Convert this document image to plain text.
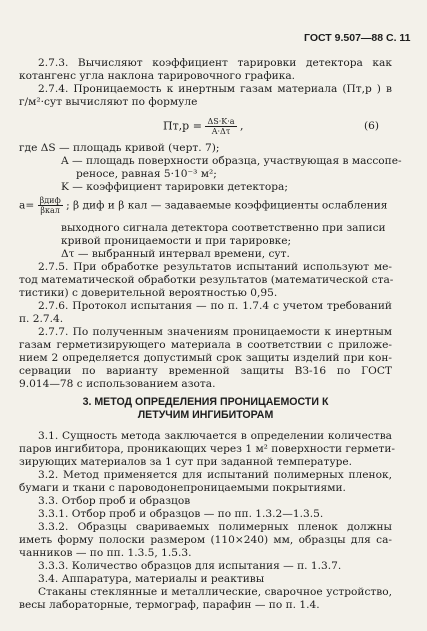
ГОСТ 9.507—88 С. 11
2.7.3. Вычисляют коэффициент тарировки детектора как
котангенс угла наклона тарировочного графика.
2.7.4. Проницаемость к инертным газам материала (Пт,р ) в
г/м²·сут вычисляют по формуле
$Пт,р = \frac{\Delta S\cdot K\cdot a}{A\cdot\Delta\tau}$ ,	(6)
где ΔS — площадь кривой (черт. 7);
A — площадь поверхности образца, участвующая в массопе-
реносе, равная 5·10⁻³ м²;
K — коэффициент тарировки детектора;
$a= \frac{\text{βдиф}}{\text{βкал}}$ ; β диф и β кал — задаваемые коэффициенты ослабления
выходного сигнала детектора соответственно при записи
кривой проницаемости и при тарировке;
Δτ — выбранный интервал времени, сут.
2.7.5. При обработке результатов испытаний используют ме-
тод математической обработки результатов (математической ста-
тистики) с доверительной вероятностью 0,95.
2.7.6. Протокол испытания — по п. 1.7.4 с учетом требований
п. 2.7.4.
2.7.7. По полученным значениям проницаемости к инертным
газам герметизирующего материала в соответствии с приложе-
нием 2 определяется допустимый срок защиты изделий при кон-
сервации по варианту временной защиты ВЗ-16 по ГОСТ
9.014—78 с использованием азота.
3. МЕТОД ОПРЕДЕЛЕНИЯ ПРОНИЦАЕМОСТИ К
ЛЕТУЧИМ ИНГИБИТОРАМ
3.1. Сущность метода заключается в определении количества
паров ингибитора, проникающих через 1 м² поверхности гермети-
зирующих материалов за 1 сут при заданной температуре.
3.2. Метод применяется для испытаний полимерных пленок,
бумаги и ткани с пароводонепроницаемыми покрытиями.
3.3. Отбор проб и образцов
3.3.1. Отбор проб и образцов — по пп. 1.3.2—1.3.5.
3.3.2. Образцы свариваемых полимерных пленок должны
иметь форму полоски размером (110×240) мм, образцы для са-
чанников — по пп. 1.3.5, 1.5.3.
3.3.3. Количество образцов для испытания — п. 1.3.7.
3.4. Аппаратура, материалы и реактивы
Стаканы стеклянные и металлические, сварочное устройство,
весы лабораторные, термограф, парафин — по п. 1.4.
